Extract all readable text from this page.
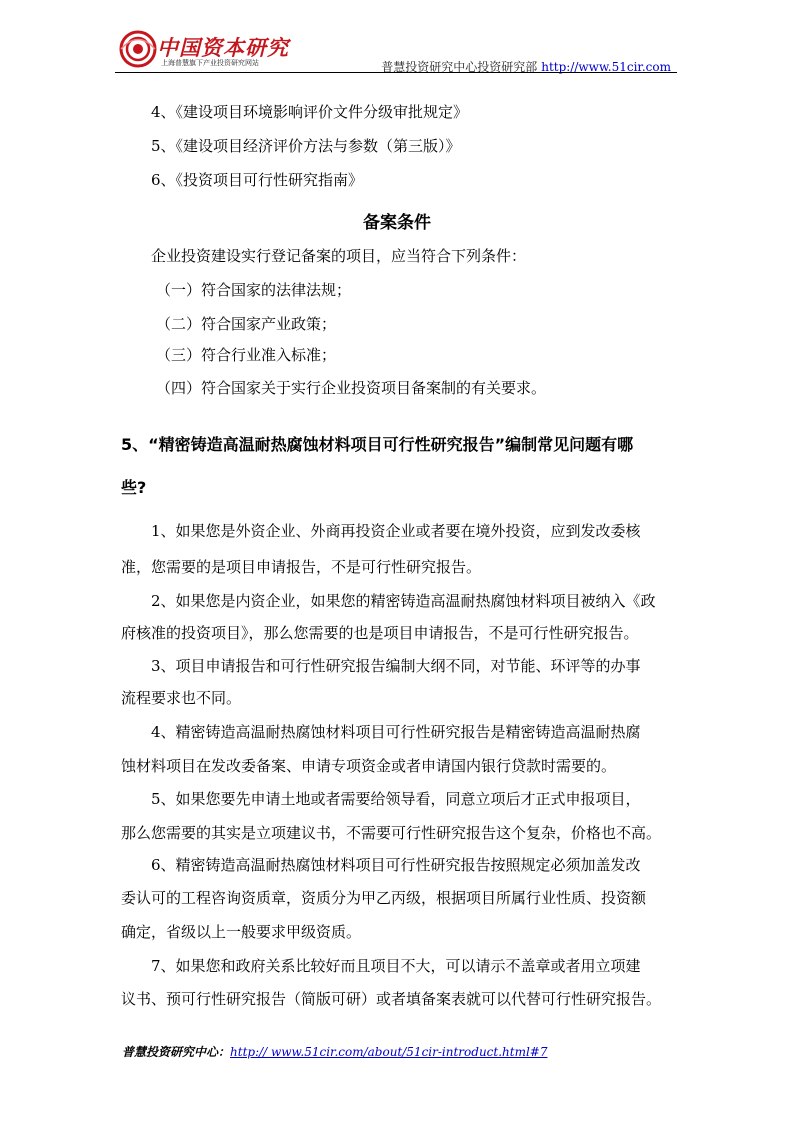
中国资本研究
上海普慧旗下产业投资研究网站	普慧投资研究中心投资研究部 http://www.51cir.com
4、《建设项目环境影响评价文件分级审批规定》
5、《建设项目经济评价方法与参数（第三版）》
6、《投资项目可行性研究指南》
备案条件
企业投资建设实行登记备案的项目，应当符合下列条件：
（一）符合国家的法律法规；
（二）符合国家产业政策；
（三）符合行业准入标准；
（四）符合国家关于实行企业投资项目备案制的有关要求。
5、“精密铸造高温耐热腐蚀材料项目可行性研究报告”编制常见问题有哪
些?
1、如果您是外资企业、外商再投资企业或者要在境外投资，应到发改委核
准，您需要的是项目申请报告，不是可行性研究报告。
2、如果您是内资企业，如果您的精密铸造高温耐热腐蚀材料项目被纳入《政
府核准的投资项目》，那么您需要的也是项目申请报告，不是可行性研究报告。
3、项目申请报告和可行性研究报告编制大纲不同，对节能、环评等的办事
流程要求也不同。
4、精密铸造高温耐热腐蚀材料项目可行性研究报告是精密铸造高温耐热腐
蚀材料项目在发改委备案、申请专项资金或者申请国内银行贷款时需要的。
5、如果您要先申请土地或者需要给领导看，同意立项后才正式申报项目，
那么您需要的其实是立项建议书，不需要可行性研究报告这个复杂，价格也不高。
6、精密铸造高温耐热腐蚀材料项目可行性研究报告按照规定必须加盖发改
委认可的工程咨询资质章，资质分为甲乙丙级，根据项目所属行业性质、投资额
确定，省级以上一般要求甲级资质。
7、如果您和政府关系比较好而且项目不大，可以请示不盖章或者用立项建
议书、预可行性研究报告（简版可研）或者填备案表就可以代替可行性研究报告。
普慧投资研究中心：http:// www.51cir.com/about/51cir-introduct.html#7
